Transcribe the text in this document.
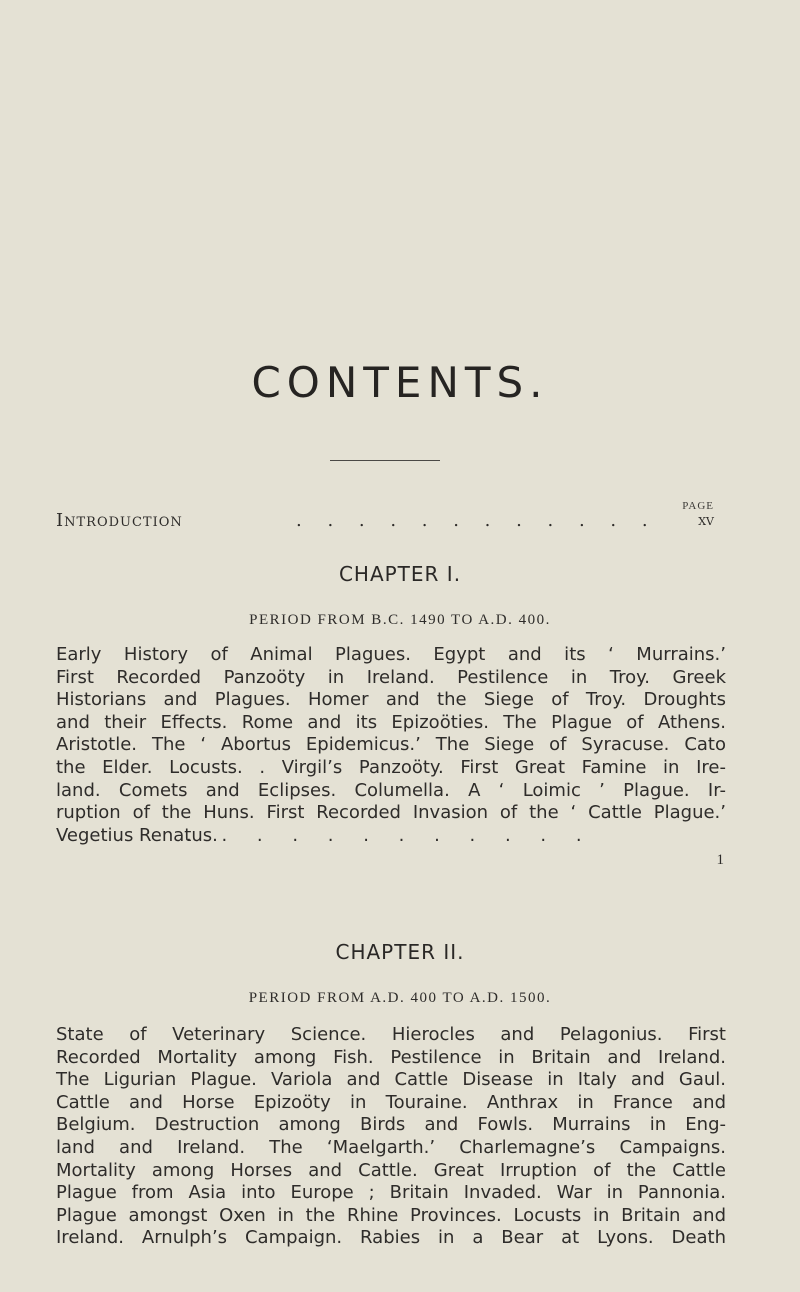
CONTENTS.
PAGE
Introduction	. . . . . . . . . . . .	xv
CHAPTER I.
PERIOD FROM B.C. 1490 TO A.D. 400.
Early History of Animal Plagues. Egypt and its ‘ Murrains.’
First Recorded Panzoöty in Ireland. Pestilence in Troy. Greek
Historians and Plagues. Homer and the Siege of Troy. Droughts
and their Effects. Rome and its Epizoöties. The Plague of Athens.
Aristotle. The ‘ Abortus Epidemicus.’ The Siege of Syracuse. Cato
the Elder. Locusts. . Virgil’s Panzoöty. First Great Famine in Ire-
land. Comets and Eclipses. Columella. A ‘ Loimic ’ Plague. Ir-
ruption of the Huns. First Recorded Invasion of the ‘ Cattle Plague.’
Vegetius Renatus.
. . . . . . . . . . . .
1
CHAPTER II.
PERIOD FROM A.D. 400 TO A.D. 1500.
State of Veterinary Science. Hierocles and Pelagonius. First
Recorded Mortality among Fish. Pestilence in Britain and Ireland.
The Ligurian Plague. Variola and Cattle Disease in Italy and Gaul.
Cattle and Horse Epizoöty in Touraine. Anthrax in France and
Belgium. Destruction among Birds and Fowls. Murrains in Eng-
land and Ireland. The ‘Maelgarth.’ Charlemagne’s Campaigns.
Mortality among Horses and Cattle. Great Irruption of the Cattle
Plague from Asia into Europe ; Britain Invaded. War in Pannonia.
Plague amongst Oxen in the Rhine Provinces. Locusts in Britain and
Ireland. Arnulph’s Campaign. Rabies in a Bear at Lyons. Death
